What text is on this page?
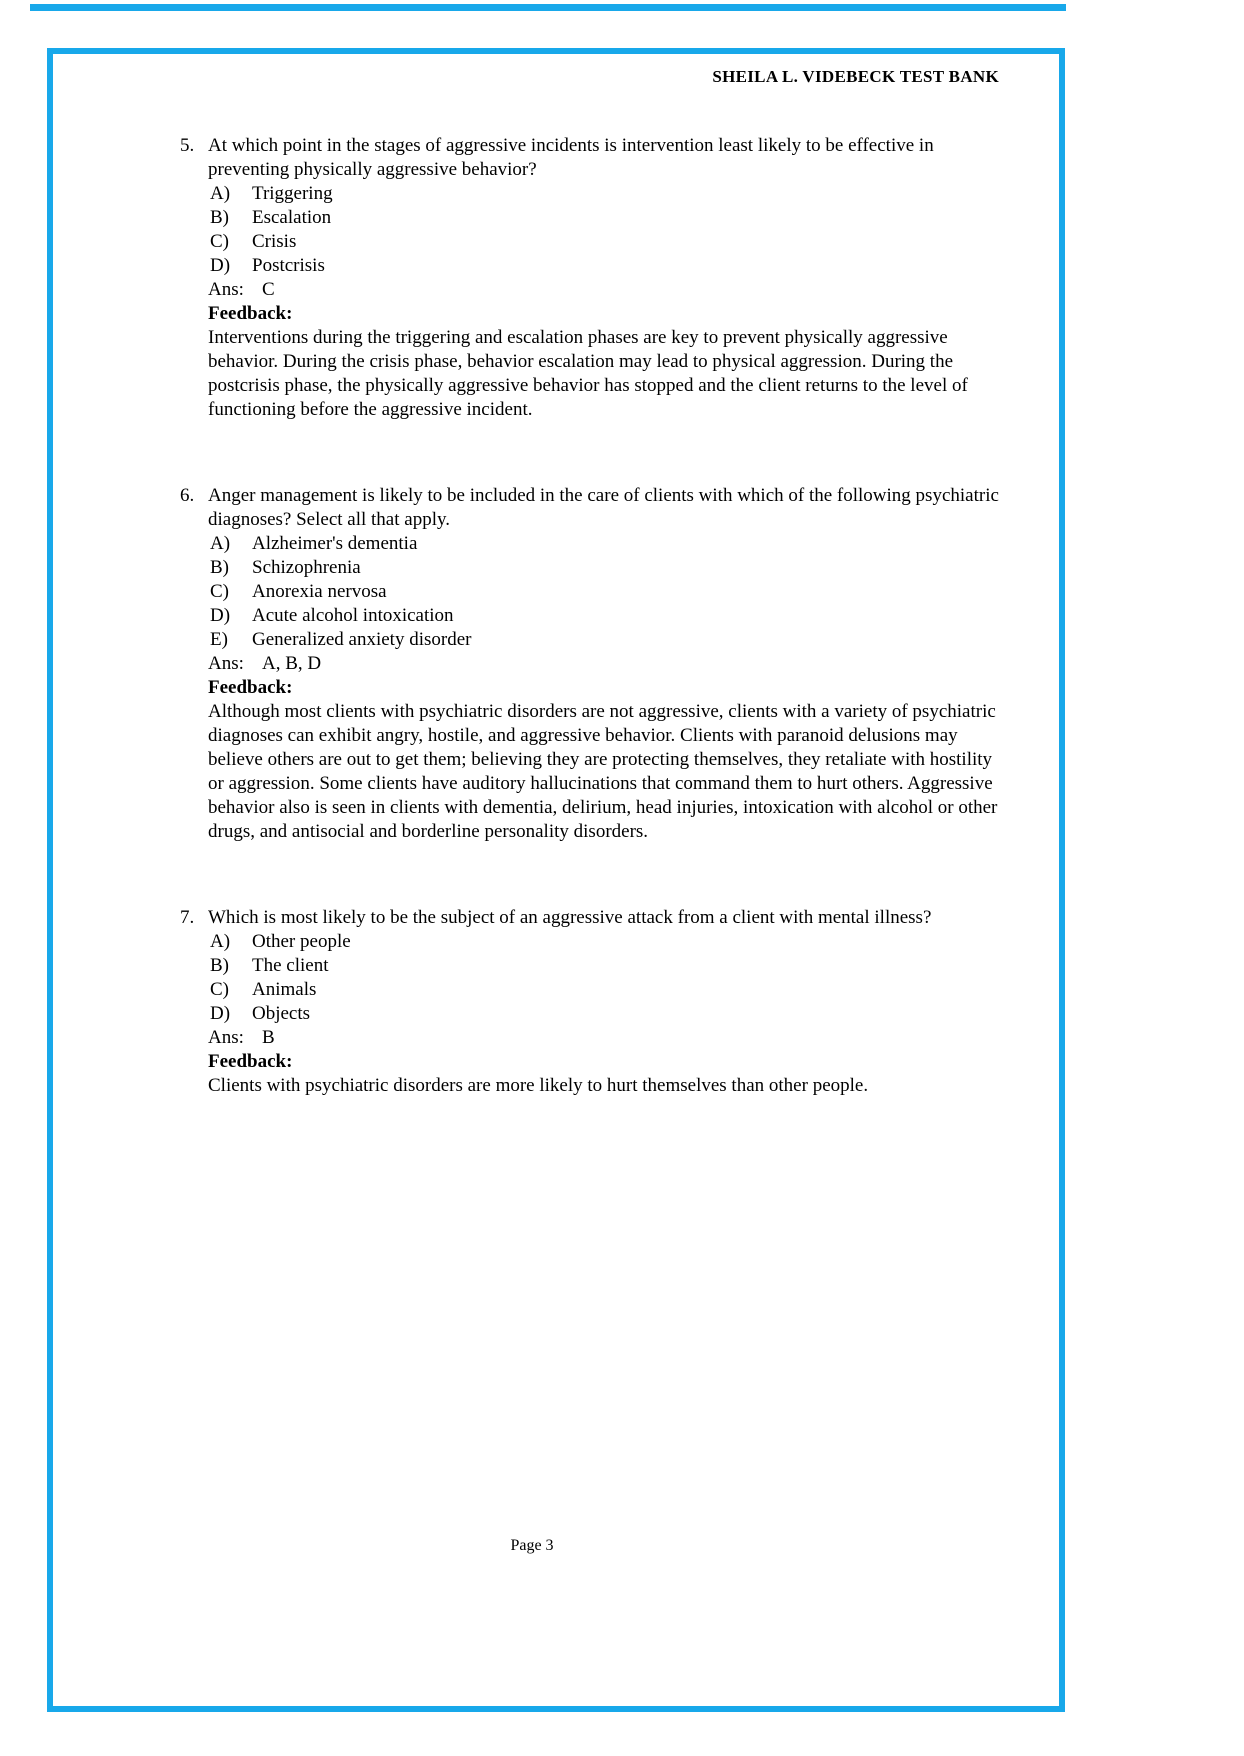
SHEILA L. VIDEBECK TEST BANK
5. At which point in the stages of aggressive incidents is intervention least likely to be effective in preventing physically aggressive behavior?

A)	Triggering
B)	Escalation
C)	Crisis
D)	Postcrisis
Ans: C
Feedback:

Interventions during the triggering and escalation phases are key to prevent physically aggressive behavior. During the crisis phase, behavior escalation may lead to physical aggression. During the postcrisis phase, the physically aggressive behavior has stopped and the client returns to the level of functioning before the aggressive incident.

6. Anger management is likely to be included in the care of clients with which of the following psychiatric diagnoses? Select all that apply.

A)	Alzheimer's dementia
B)	Schizophrenia
C)	Anorexia nervosa
D)	Acute alcohol intoxication
E)	Generalized anxiety disorder
Ans: A, B, D
Feedback:

Although most clients with psychiatric disorders are not aggressive, clients with a variety of psychiatric diagnoses can exhibit angry, hostile, and aggressive behavior. Clients with paranoid delusions may believe others are out to get them; believing they are protecting themselves, they retaliate with hostility or aggression. Some clients have auditory hallucinations that command them to hurt others. Aggressive behavior also is seen in clients with dementia, delirium, head injuries, intoxication with alcohol or other drugs, and antisocial and borderline personality disorders.

7. Which is most likely to be the subject of an aggressive attack from a client with mental illness?

A)	Other people
B)	The client
C)	Animals
D)	Objects
Ans: B
Feedback:

Clients with psychiatric disorders are more likely to hurt themselves than other people.

Page 3
